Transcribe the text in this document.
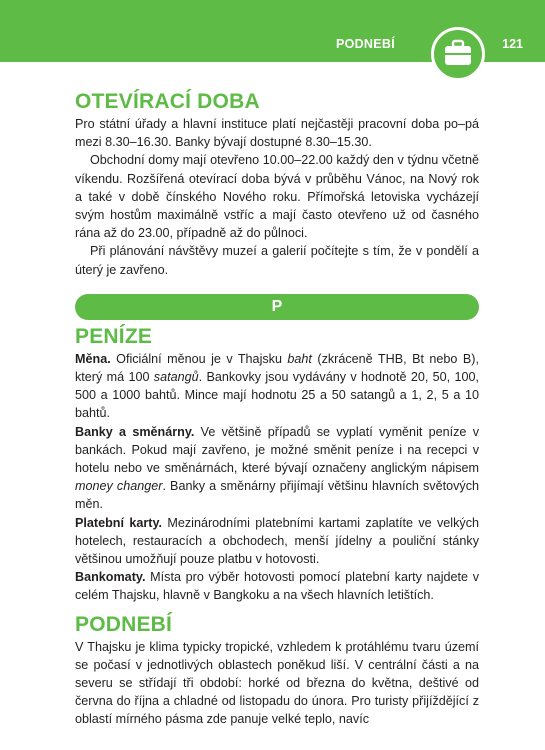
PODNEBÍ	121
OTEVÍRACÍ DOBA

Pro státní úřady a hlavní instituce platí nejčastěji pracovní doba po–pá mezi 8.30–16.30. Banky bývají dostupné 8.30–15.30.

Obchodní domy mají otevřeno 10.00–22.00 každý den v týdnu včetně víkendu. Rozšířená otevírací doba bývá v průběhu Vánoc, na Nový rok a také v době čínského Nového roku. Přímořská letoviska vycházejí svým hostům maximálně vstříc a mají často otevřeno už od časného rána až do 23.00, případně až do půlnoci.

Při plánování návštěvy muzeí a galerií počítejte s tím, že v pondělí a úterý je zavřeno.

P
PENÍZE

Měna. Oficiální měnou je v Thajsku baht (zkráceně THB, Bt nebo B), který má 100 satangů. Bankovky jsou vydávány v hodnotě 20, 50, 100, 500 a 1000 bahtů. Mince mají hodnotu 25 a 50 satangů a 1, 2, 5 a 10 bahtů.

Banky a směnárny. Ve většině případů se vyplatí vyměnit peníze v bankách. Pokud mají zavřeno, je možné směnit peníze i na recepci v hotelu nebo ve směnárnách, které bývají označeny anglickým nápisem money changer. Banky a směnárny přijímají většinu hlavních světových měn.

Platební karty. Mezinárodními platebními kartami zaplatíte ve velkých hotelech, restauracích a obchodech, menší jídelny a pouliční stánky většinou umožňují pouze platbu v hotovosti.

Bankomaty. Místa pro výběr hotovosti pomocí platební karty najdete v celém Thajsku, hlavně v Bangkoku a na všech hlavních letištích.

PODNEBÍ

V Thajsku je klima typicky tropické, vzhledem k protáhlému tvaru území se počasí v jednotlivých oblastech poněkud liší. V centrální části a na severu se střídají tři období: horké od března do května, deštivé od června do října a chladné od listopadu do února. Pro turisty přijíždějící z oblastí mírného pásma zde panuje velké teplo, navíc
